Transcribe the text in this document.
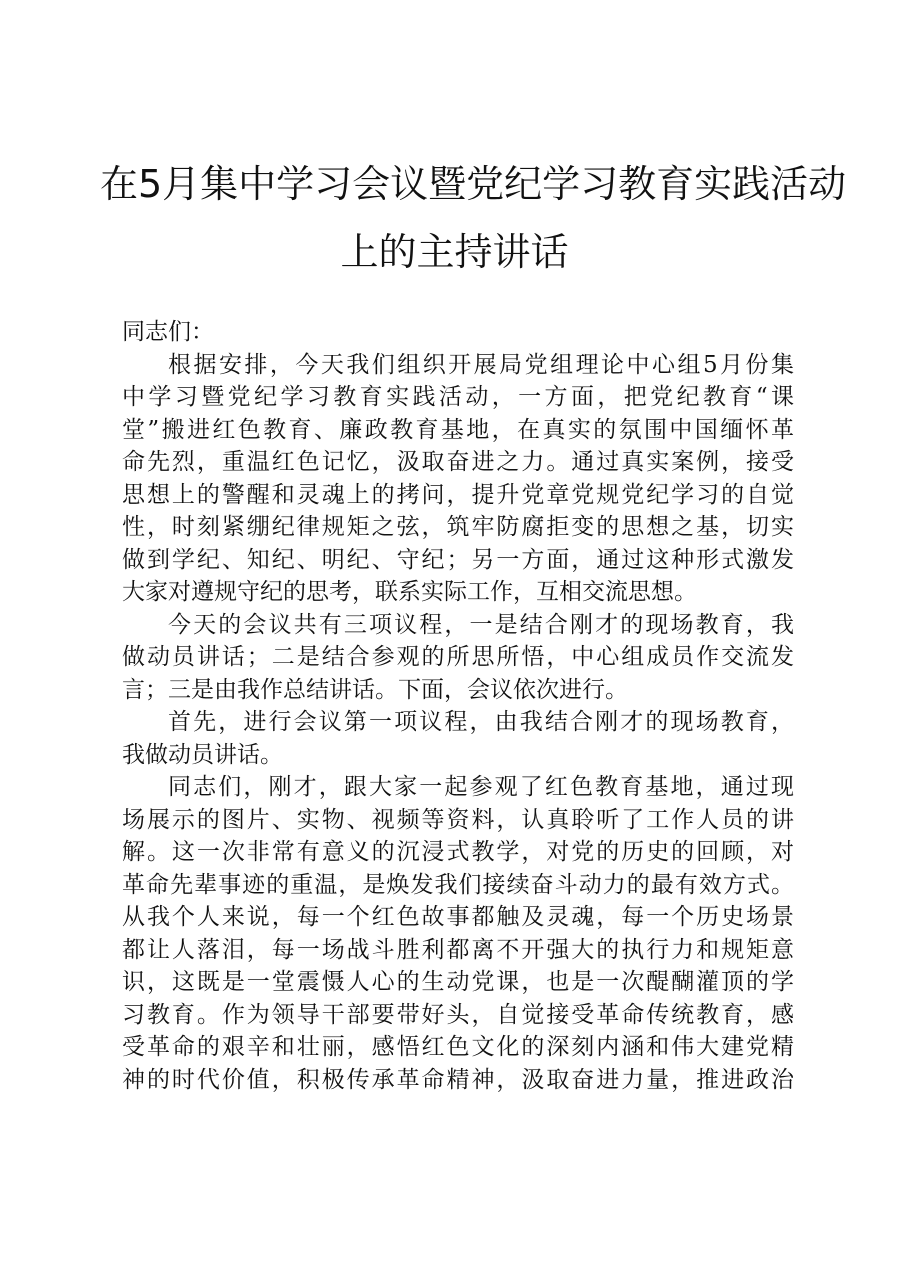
在5月集中学习会议暨党纪学习教育实践活动
上的主持讲话
同志们：
根据安排，今天我们组织开展局党组理论中心组5月份集
中学习暨党纪学习教育实践活动，一方面，把党纪教育“课
堂”搬进红色教育、廉政教育基地，在真实的氛围中国缅怀革
命先烈，重温红色记忆，汲取奋进之力。通过真实案例，接受
思想上的警醒和灵魂上的拷问，提升党章党规党纪学习的自觉
性，时刻紧绷纪律规矩之弦，筑牢防腐拒变的思想之基，切实
做到学纪、知纪、明纪、守纪；另一方面，通过这种形式激发
大家对遵规守纪的思考，联系实际工作，互相交流思想。
今天的会议共有三项议程，一是结合刚才的现场教育，我
做动员讲话；二是结合参观的所思所悟，中心组成员作交流发
言；三是由我作总结讲话。下面，会议依次进行。
首先，进行会议第一项议程，由我结合刚才的现场教育，
我做动员讲话。
同志们，刚才，跟大家一起参观了红色教育基地，通过现
场展示的图片、实物、视频等资料，认真聆听了工作人员的讲
解。这一次非常有意义的沉浸式教学，对党的历史的回顾，对
革命先辈事迹的重温，是焕发我们接续奋斗动力的最有效方式。
从我个人来说，每一个红色故事都触及灵魂，每一个历史场景
都让人落泪，每一场战斗胜利都离不开强大的执行力和规矩意
识，这既是一堂震慑人心的生动党课，也是一次醍醐灌顶的学
习教育。作为领导干部要带好头，自觉接受革命传统教育，感
受革命的艰辛和壮丽，感悟红色文化的深刻内涵和伟大建党精
神的时代价值，积极传承革命精神，汲取奋进力量，推进政治
